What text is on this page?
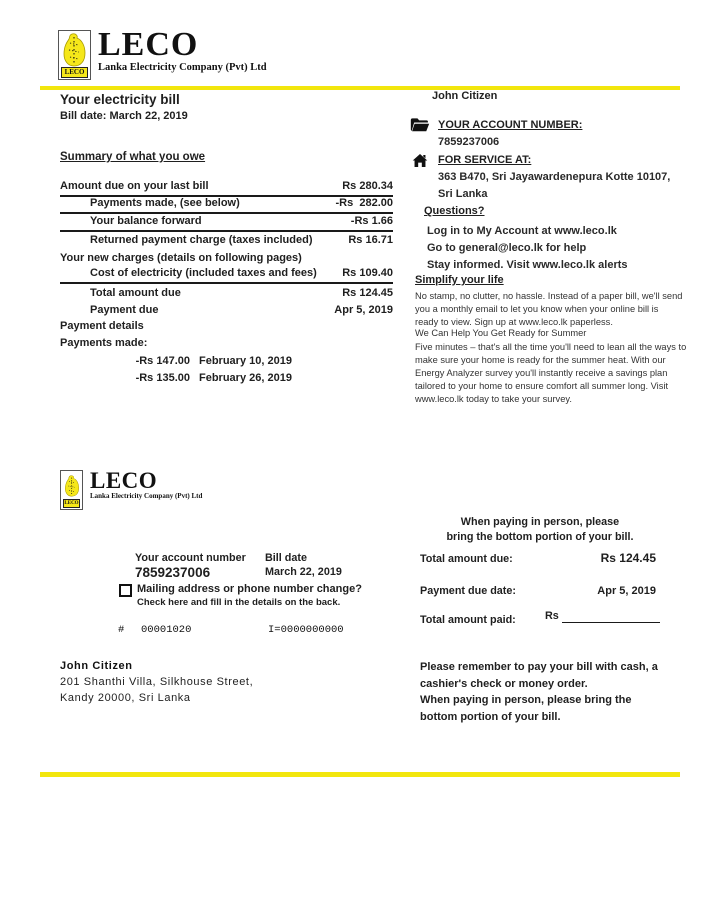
LECO
LECO
Lanka Electricity Company (Pvt) Ltd
Your electricity bill
Bill date: March 22, 2019
Summary of what you owe
Amount due on your last bill	Rs 280.34
Payments made, (see below)	-Rs  282.00
Your balance forward	-Rs 1.66
Returned payment charge (taxes included)	Rs 16.71
Your new charges (details on following pages)
Cost of electricity (included taxes and fees) Rs 109.40
Total amount due	Rs 124.45
Payment due	Apr 5, 2019
Payment details
Payments made:
-Rs 147.00 February 10, 2019
-Rs 135.00 February 26, 2019
John Citizen
YOUR ACCOUNT NUMBER:
7859237006
FOR SERVICE AT:
363 B470, Sri Jayawardenepura Kotte 10107,
Sri Lanka
Questions?
Log in to My Account at www.leco.lk
Go to general@leco.lk for help
Stay informed. Visit www.leco.lk alerts
Simplify your life
No stamp, no clutter, no hassle. Instead of a paper bill, we'll send you a monthly email to let you know when your online bill is ready to view. Sign up at www.leco.lk paperless.
We Can Help You Get Ready for Summer
Five minutes – that's all the time you'll need to lean all the ways to make sure your home is ready for the summer heat. With our Energy Analyzer survey you'll instantly receive a savings plan tailored to your home to ensure comfort all summer long. Visit www.leco.lk today to take your survey.
LECO
LECO
Lanka Electricity Company (Pvt) Ltd
When paying in person, please
bring the bottom portion of your bill.
Your account number
7859237006
Bill date
March 22, 2019
Mailing address or phone number change?
Check here and fill in the details on the back.
# 00001020	I=0000000000
John Citizen
201 Shanthi Villa, Silkhouse Street,
Kandy 20000, Sri Lanka
Total amount due:	Rs 124.45
Payment due date:	Apr 5, 2019
Total amount paid:	Rs
Please remember to pay your bill with cash, a
cashier's check or money order.
When paying in person, please bring the
bottom portion of your bill.
